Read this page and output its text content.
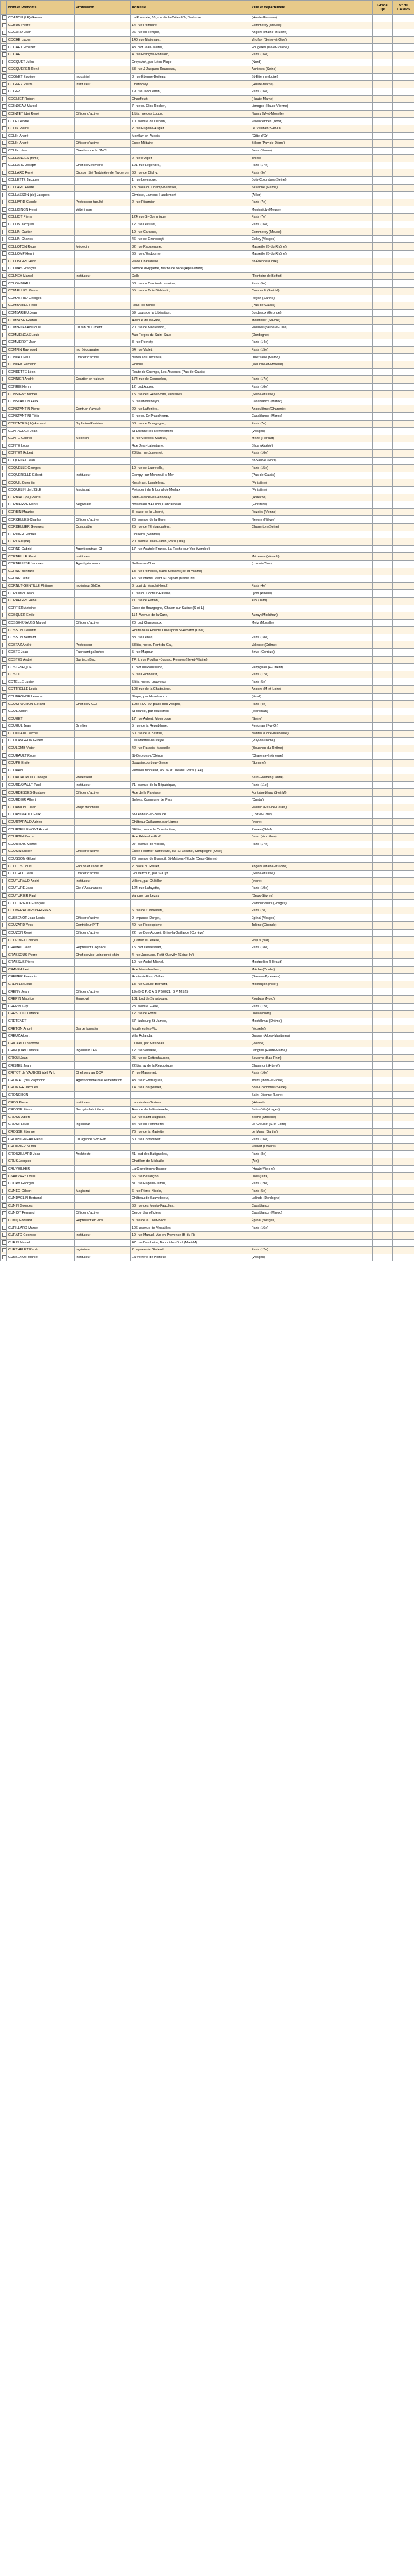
	Nom et Prénoms	Profession	Adresse	Ville et département	Grade Dpt	N° du CAMPS
	COADOU (LE) Gaston		La Roseraie, 10, rue de la Côte-d'Or, Toulouse	(Haute-Garonne)		
	COBUS Pierre		14, rue Poincaré,	Commercy (Meuse)		
	COCARD Jean		26, rue du Temple,	Angers (Maine-et-Loire)		
	COCHE Lucien		140, rue Nationale,	Viroflay (Seine-et-Oise)		
	COCHET Prosper		43, bvd Jean-Jaurès,	Fougères (Ille-et-Vilaine)		
	COCHE		4, rue François-Ponsard,	Paris (16e)		
	COCQUET Jules		Creysvich, par Léon-Plage	(Nord)		
	COCQUERER René		53, rue J-Jacques-Rousseau,	Asnières (Seine)		
	COGNET Eugène	Industriel	8, rue Étienne-Boileau,	St-Étienne (Loire)		
	COGNEZ Pierre	Instituteur	Chatindley	(Haute-Marne)		
	COGEZ		19, rue Jacquemin,	Paris (16e)		
	COGNIET Robert		Chauffourt	(Haute-Marne)		
	COINDEAU Marcel		7, rue du Clos-Rocher,	Limoges (Haute-Vienne)		
	COINTET (de) René	Officier d'active	1 bis, rue des Loups,	Nancy (M-et-Moselle)		
	COLET André		10, avenue de Dénain,	Valenciennes (Nord)		
	COLIN Pierre		2, rue Eugène-Augier,	Le Vésinet (S-et-O)		
	COLIN André		Montlay-en-Auxois	(Côte-d'Or)		
	COLIN André	Officier d'active	Ecole Militaire,	Billom (Puy-de-Dôme)		
	COLIN Léon	Directeur de la BNCI		Sens (Yonne)		
	COLLANGES (Mme)		2, rue d'Alger,	Thiers		
	COLLARD Joseph	Chef serv.vernerie	121, rue Legendre,	Paris (17e)		
	COLLARD René	Dir.com Sté Turbinière de l'hyperph	68, rue de Clichy,	Paris (9e)		
	COLLETTE Jacques		1, rue Levesque,	Bois-Colombes (Seine)		
	COLLARD Pierre		13, place du Champ-Bénissel,	Sezanne (Marne)		
	COLLASSON (de) Jacques		Civrisse, Lamoux-Haudement	(Allier)		
	COLLIARD Claude	Professeur faculté	2, rue Ricamier,	Paris (7e)		
	COLLIGNON Henri	Vétérinaire		Montmédy (Meuse)		
	COLLIOT Pierre		124, rue St-Dominique,	Paris (7e)		
	COLLIN Jacques		12, rue Lécuirot,	Paris (16e)		
	COLLIN Gaston		19, rue Carcano,	Commercy (Meuse)		
	COLLIN Charles		46, rue de Grandcoyt,	Colley (Vosges)		
	COLLOTON Roger	Médecin	82, rue Rabaterune,	Marseille (B-du-Rhône)		
	COLLOMP Henri		66, rue d'Endoume,	Marseille (B-du-Rhône)		
	COLONGES Henri		Place Chavanelle	St-Étienne (Loire)		
	COLMAS François		Service d'Hygiène, Marne de Nice (Alpes-Marit)			
	COLNEY Marcel	Instituteur	Delle	(Territoire de Belfort)		
	COLOMBEAU		53, rue du Cardinal-Lemoine,	Paris (5e)		
	COMAILLES Pierre		55, rue du Bois-St-Martin,	Combault (S-et-M)		
	COMASTRO Georges			Royan (Sarthe)		
	COMBARIEL Henri		Roux-les-Mines	(Pas-de-Calais)		
	COMBARIEU Jean		59, cours de la Libération,	Bordeaux (Gironde)		
	COMBASE Gaston		Avenue de la Gare,	Montrelier (Savoie)		
	COMBELEKAN Louis	Dir fab de Ciment	20, rue de Montesson,	Houilles (Seine-et-Oise)		
	COMMENCAS Louis		Aux Forges du Saint-Saud	(Dordogne)		
	COMMERDT Jean		8, rue Pernety,	Paris (14e)		
	COMPIN Raymond	Ing Séquanaise	64, rue Violet,	Paris (15e)		
	CONDAT Paul	Officier d'active	Bureau du Territoire,	Ouezzane (Maroc)		
	CONDEK Fernand		Holville	(Meurthe-et-Moselle)		
	CONDETTE Léon		Route de Guemps, Les Attaques (Pas-de-Calais)			
	CONNIER André	Courtier en valeurs	174, rue de Courcelles,	Paris (17e)		
	CONRIE Henry		12, bvd Augier,	Paris (16e)		
	CONSIGNY Michel		15, rue des Réservoirs, Versailles	(Seine-et-Oise)		
	CONSTANTIN Félix		6, rue Montchelyn,	Casablanca (Maroc)		
	CONSTANTIN Pierre	Contr.pr d'avoué	29, rue Lafferière,	Angoulême (Charente)		
	CONSTANTINI Félix		6, rue du Dr Prauchemp,	Casablanca (Maroc)		
	CONTADES (de) Armand	Bq Union Parisien	58, rue de Bourgogne,	Paris (7e)		
	CONTAUDET Jean		St-Etienne-les-Remiremont	(Vosges)		
	CONTE Gabriel	Médecin	3, rue Villebois-Mareuil,	Mèze (Hérault)		
	CONTE Louis		Rue Jean-Lafontaine,	Blida (Algérie)		
	CONTET Robert		28 bis, rue Jouvenet,	Paris (16e)		
	COQUELET Jean			St-Saulve (Nord)		
	COQUELLE Georges		10, rue de Lacretelle,	Paris (15e)		
	COQUERELLE Gilbert	Instituteur	Gempy, par Montreuil-s-Mer	(Pas-de-Calais)		
	COQUIL Corentin		Kersérant, Landéleau,	(Finistère)		
	COQUELIN de L'ISLE	Magistrat	Président du Tribunal de Morlaix	(Finistère)		
	CORBIAC (de) Pierre		Saint-Marcel-les-Annonay	(Ardèche)		
	CORBIERRE Henri	Négociant	Boulevard d'Aiullon, Concarneau	(Finistère)		
	CORBIN Maurice		8, place de la Liberté,	Rozoirs (Vienne)		
	CORCELLES Charles	Officier d'active	26, avenue de la Gare,	Nevers (Nièvre)		
	CORDELLIER Georges	Comptable	25, rue de l'Embarcadère,	Charenton (Seine)		
	CORDIER Gabriel		Doullens (Somme)			
	CORLIEU (de)		20, avenue Jules-Janin, Paris (16e)			
	CORNE Gabriel	Agent contract CI	17, rue Anatole-France, La Roche-sur-Yon (Vendée)			
	CORNEILLE René	Instituteur		Mézenes (Hérault)		
	CORNELISSE Jacques	Agent pén assur	Selles-sur-Cher	(Loir-et-Cher)		
	CORNU Bertrand		13, rue Pomellec, Saint-Servant (Ille-et-Vilaine)			
	CORNU René		14, rue Martel, Mont-St-Aignan (Seine-Inf)			
	CORNUT-GENTILLE Philippe	Ingénieur SNCA	6, quai du Marché-Neuf,	Paris (4e)		
	COROMPT Jean		1, rue du Docteur-Rataillé,	Lyon (Rhône)		
	CORREGES René		71, rue de Patton,	Albi (Tarn)		
	CORTIER Antoine		Ecole de Bourgogne, Chalon-sur-Saône (S-et-L)			
	COSQUER Emile		114, Avenue de la Gare,	Auray (Morbihan)		
	COSSE-KNAUSS Marcel	Officier d'active	20, bvd Chanceaux,	Metz (Moselle)		
	COSSON Célestin		Route de la Pinède, Orval près St-Amand (Cher)			
	COSSON Bernard		38, rue Lebas,	Paris (18e)		
	COSTAZ André	Professeur	53 bis, rue du Pont-du-Gal,	Valence (Drôme)		
	COSTE Jean	Fabricant galoches	5, rue Mapour,	Brive (Corrèze)		
	COSTES André	Bur tech Bac.	TP, 7, rue Poullain-Duparc, Rennes (Ille-et-Vilaine)			
	COSTESEQUE		1, bvd du Roussillon,	Perpignan (P-Orient)		
	COSTIL		6, rue Gombaust,	Paris (17e)		
	COTELLE Lucien		5 bis, rue du Louvreau,	Paris (5e)		
	COTTRELLE Louis		108, rue de la Chatouière,	Angers (M-et-Loire)		
	COUBRONNE Léonce		Staple, par Hazebrouck	(Nord)		
	COUCHOURON Gérard	Chef serv CGI	103e R A, 20, place des Vosges,	Paris (4e)		
	COUE Albert		St-Marcel, par Malestroit	(Morbihan)		
	COUGET		17, rue Aubert, Montrouge	(Seine)		
	COUGUL Jean	Greffier	5, rue de la République,	Perignan (Pyr-Or)		
	COUILLAUD Michel		60, rue de la Bastille,	Nantes (Loire-Inférieure)		
	COULANGEON Gilbert		Les Martres-de-Veyre	(Puy-de-Dôme)		
	COULOMB Victor		42, rue Paradis, Marseille	(Bouches-du-Rhône)		
	COURAULT Roger		St-Georges-d'Oléron	(Charente-Inférieure)		
	COUPE Emile		Bouvaincourt-sur-Bresle	(Somme)		
	COURAN		Pension Montaud, 85, av d'Orléans, Paris (14e)			
	COURCHOROUX Joseph	Professeur		Saint-Flomet (Cantal)		
	COURDAVAULT Paul	Instituteur	71, avenue de la République,	Paris (11e)		
	COURDESSES Gustave	Officier d'active	Rue de la Paroisse,	Fontainebleau (S-et-M)		
	COURDIER Albert		Selves, Commune de Pers	(Cantal)		
	COURMONT Jean	Propr minoterie		Haudin (Pas-de-Calais)		
	COURSIMAULT Félix		St-Léonard-en-Beauce	(Loir-et-Cher)		
	COURTARAUD Adrien		Château Guillaume, par Lignac	(Indre)		
	COURTELLEMONT André		34 bis, rue de la Constantine,	Rouen (S-Inf)		
	COURTIN Pierre		Rue Périer-Le-Goff,	Baud (Morbihan)		
	COURTOIS Michel		97, avenue de Villiers,	Paris (17e)		
	COUSIN Lucien	Officier d'active	École Fournier-Sarlovèze, sur St-Lacane, Compiègne (Oise)			
	COUSSON Gilbert		26, avenue de Bisseuil, St-Maixent-l'École (Deux-Sèvres)			
	COUTOS Louis	Fab pn et caout m	2, place du Ralliet,	Angers (Maine-et-Loire)		
	COUTROT Jean	Officier d'active	Gouvercourt, par St-Cyr	(Seine-et-Oise)		
	COUTURAUD André	Instituteur	Villiers, par Châtillon	(Indre)		
	COUTURE Jean	Cie d'Assurances	124, rue Lafayette,	Paris (10e)		
	COUTURIER Paul		Vançay, par Lezay	(Deux-Sèvres)		
	COUTURIEUX François			Rambervillers (Vosges)		
	COUVERAT-DESVERGNES		6, rue de l'Université,	Paris (7e)		
	CUSSENOT Jean-Louis	Officier d'active	9, Impasse Dorget,	Épinal (Vosges)		
	COUZARD Yves	Contrôleur PTT	49, rue Robespierre,	Tolène (Gironde)		
	COUZON René	Officier d'active	22, rue Bon-Accueil, Brive-la-Gaillarde (Corrèze)			
	COUZINET Charles		Quartier le Jedelle,	Fréjus (Var)		
	CRAMAIL Jean	Représent Cognacs	15, bvd Desaessart,	Paris (18e)		
	CRASSOUS Pierre	Chef service usine prod chim	4, rue Jacquard, Petit-Quevilly (Seine-Inf)			
	CRASSUS Pierre		10, rue André-Michel,	Montpellier (Hérault)		
	CRAVE Albert		Rue Montalembert,	Mâche (Doubs)		
	CREMER Francois		Route de Pau, Orthez	(Basses-Pyrénées)		
	CRENIER Louis		13, rue Claude-Bernard,	Montluçon (Allier)		
	CRENN Jean	Officier d'active	19e B C P, C A S P 50021, B P M 525			
	CREPIN Maurice	Employé	181, bvd de Strasbourg,	Roubaix (Nord)		
	CREPIN Guy		23, avenue Evelé,	Paris (12e)		
	CRESCUCCI Marcel		12, rue de Fonts,	Douai (Nord)		
	CRETENET		57, faubourg St-James,	Montélimar (Drôme)		
	CRETON André	Garde forestier	Mazières-les-Vic	(Moselle)		
	CREUZ Albert		Villa Rolanda,	Grasse (Alpes-Maritimes)		
	CRICARD Théodore		Cullion, par Mirebeau	(Vienne)		
	CRINQUANT Marcel	Ingénieur TEP	12, rue Versaille,	Langres (Haute-Marne)		
	CRIOLI Jean		25, rue de Dottenhausen,	Saverne (Bas-Rhin)		
	CRISTEL Jean		22 bis, av de la République,	Chaumont (Hte-M)		
	CRITOT de VAUBOIS (de) W L	Chef serv au CCF	7, rue Massenet,	Paris (16e)		
	CROIZAT (de) Raymond	Agent commercial Alimentation	43, rue d'Entraigues,	Tours (Indre-et-Loire)		
	CROIZIER Jacques		14, rue Charpentier,	Bois-Colombes (Seine)		
	CRONCHON			Saint-Étienne (Loire)		
	CROS Pierre	Instituteur	Laurain-les-Béziers	(Hérault)		
	CROSSE Pierre	Sec gén fab toile m	Avenue de la Fontenelle,	Saint-Dié (Vosges)		
	CROSS Albert		69, rue Saint-Augustin,	Bitche (Moselle)		
	CROST Louis	Ingénieur	34, rue du Pommerot,	Le Creusot (S-et-Loire)		
	CROSSE Etienne		76, rue de la Mariette,	Le Mans (Sarthe)		
	CROUSIGNEAU Henri	Dir agence Soc Gén	50, rue Cortambert,	Paris (16e)		
	CROUZIER Numa			Valbert (Lozère)		
	CROUZILLARD Jean	Architecte	41, bvd des Batignolles,	Paris (8e)		
	CRUK Jacques		Chatillon-de-Michaille	(Ain)		
	CRUVEILHER		La Cruvelière-s-Brance	(Haute-Vienne)		
	CSAKVARY Louis		66, rue Besançon,	Dôle (Jura)		
	CUDRY Georges		31, rue Eugène-Jumin,	Paris (19e)		
	CUNEO Gilbert	Magistrat	6, rue Pierre-Nicole,	Paris (5e)		
	CUNDACLIN Bertrand		Château de Sauveboeuf,	Lalinde (Dordogne)		
	CUNIN Georges		63, rue des Monts-Faucilles,	Casablanca		
	CUNIOT Fernand	Officier d'active	Cercle des officiers,	Casablanca (Maroc)		
	CUNQ Edouard	Représent en vins	3, rue de la Cour-Billot,	Épinal (Vosges)		
	CUPILLARD Marcel		106, avenue de Versailles,	Paris (16e)		
	CURATO Georges	Instituteur	19, rue Manuel, Aix-en-Provence (B-du-R)			
	CURIN Marcel		47, rue Bernheim, Bannot-les-Toul (M-et-M)			
	CURTHELET René	Ingénieur	2, square de l'Estérel,	Paris (12e)		
	CUSSENOT Marcel	Instituteur	La Verrerie de Portieux	(Vosges)		
